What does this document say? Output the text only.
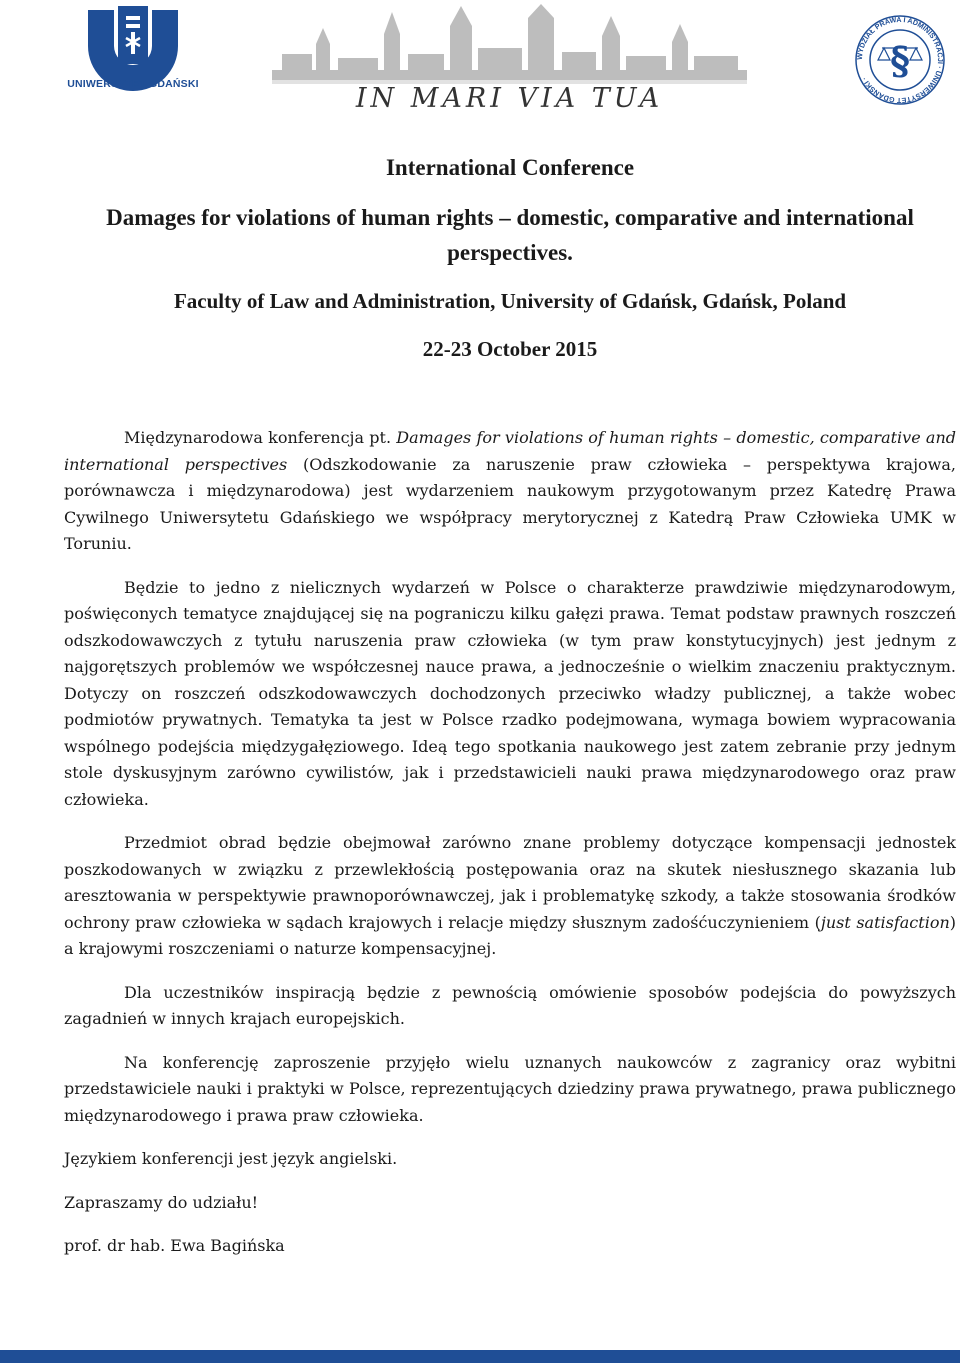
UNIWERSYTET GDAŃSKI	IN MARI VIA TUA
WYDZIAŁ PRAWA I ADMINISTRACJI · UNIWERSYTET GDAŃSKI · §
International Conference
Damages for violations of human rights – domestic, comparative and international perspectives.
Faculty of Law and Administration, University of Gdańsk, Gdańsk, Poland
22-23 October 2015

Międzynarodowa konferencja pt. Damages for violations of human rights – domestic, comparative and international perspectives (Odszkodowanie za naruszenie praw człowieka – perspektywa krajowa, porównawcza i międzynarodowa) jest wydarzeniem naukowym przygotowanym przez Katedrę Prawa Cywilnego Uniwersytetu Gdańskiego we współpracy merytorycznej z Katedrą Praw Człowieka UMK w Toruniu.

Będzie to jedno z nielicznych wydarzeń w Polsce o charakterze prawdziwie międzynarodowym, poświęconych tematyce znajdującej się na pograniczu kilku gałęzi prawa. Temat podstaw prawnych roszczeń odszkodowawczych z tytułu naruszenia praw człowieka (w tym praw konstytucyjnych) jest jednym z najgorętszych problemów we współczesnej nauce prawa, a jednocześnie o wielkim znaczeniu praktycznym. Dotyczy on roszczeń odszkodowawczych dochodzonych przeciwko władzy publicznej, a także wobec podmiotów prywatnych. Tematyka ta jest w Polsce rzadko podejmowana, wymaga bowiem wypracowania wspólnego podejścia międzygałęziowego. Ideą tego spotkania naukowego jest zatem zebranie przy jednym stole dyskusyjnym zarówno cywilistów, jak i przedstawicieli nauki prawa międzynarodowego oraz praw człowieka.

Przedmiot obrad będzie obejmował zarówno znane problemy dotyczące kompensacji jednostek poszkodowanych w związku z przewlekłością postępowania oraz na skutek niesłusznego skazania lub aresztowania w perspektywie prawnoporównawczej, jak i problematykę szkody, a także stosowania środków ochrony praw człowieka w sądach krajowych i relacje między słusznym zadośćuczynieniem (just satisfaction) a krajowymi roszczeniami o naturze kompensacyjnej.

Dla uczestników inspiracją będzie z pewnością omówienie sposobów podejścia do powyższych zagadnień w innych krajach europejskich.

Na konferencję zaproszenie przyjęło wielu uznanych naukowców z zagranicy oraz wybitni przedstawiciele nauki i praktyki w Polsce, reprezentujących dziedziny prawa prywatnego, prawa publicznego międzynarodowego i prawa praw człowieka.

Językiem konferencji jest język angielski.

Zapraszamy do udziału!

prof. dr hab. Ewa Bagińska
